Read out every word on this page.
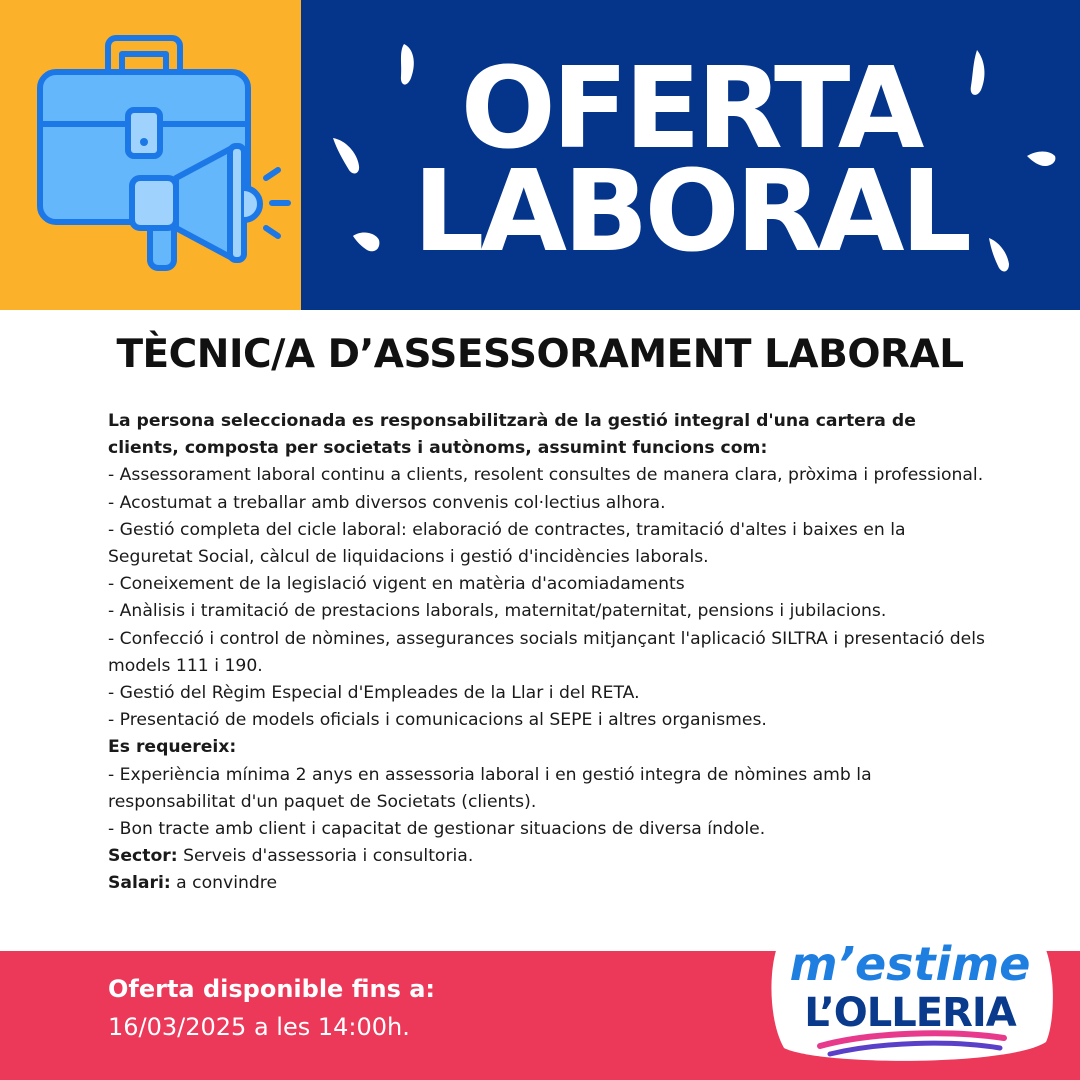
OFERTA
LABORAL
TÈCNIC/A D’ASSESSORAMENT LABORAL
La persona seleccionada es responsabilitzarà de la gestió integral d'una cartera de clients, composta per societats i autònoms, assumint funcions com:
- Assessorament laboral continu a clients, resolent consultes de manera clara, pròxima i professional.
- Acostumat a treballar amb diversos convenis col·lectius alhora.
- Gestió completa del cicle laboral: elaboració de contractes, tramitació d'altes i baixes en la Seguretat Social, càlcul de liquidacions i gestió d'incidències laborals.
- Coneixement de la legislació vigent en matèria d'acomiadaments
- Anàlisis i tramitació de prestacions laborals, maternitat/paternitat, pensions i jubilacions.
- Confecció i control de nòmines, assegurances socials mitjançant l'aplicació SILTRA i presentació dels models 111 i 190.
- Gestió del Règim Especial d'Empleades de la Llar i del RETA.
- Presentació de models oficials i comunicacions al SEPE i altres organismes.
Es requereix:
- Experiència mínima 2 anys en assessoria laboral i en gestió integra de nòmines amb la responsabilitat d'un paquet de Societats (clients).
- Bon tracte amb client i capacitat de gestionar situacions de diversa índole.
Sector: Serveis d'assessoria i consultoria.
Salari: a convindre
Oferta disponible fins a:
16/03/2025 a les 14:00h.
m’estime
L’OLLERIA
